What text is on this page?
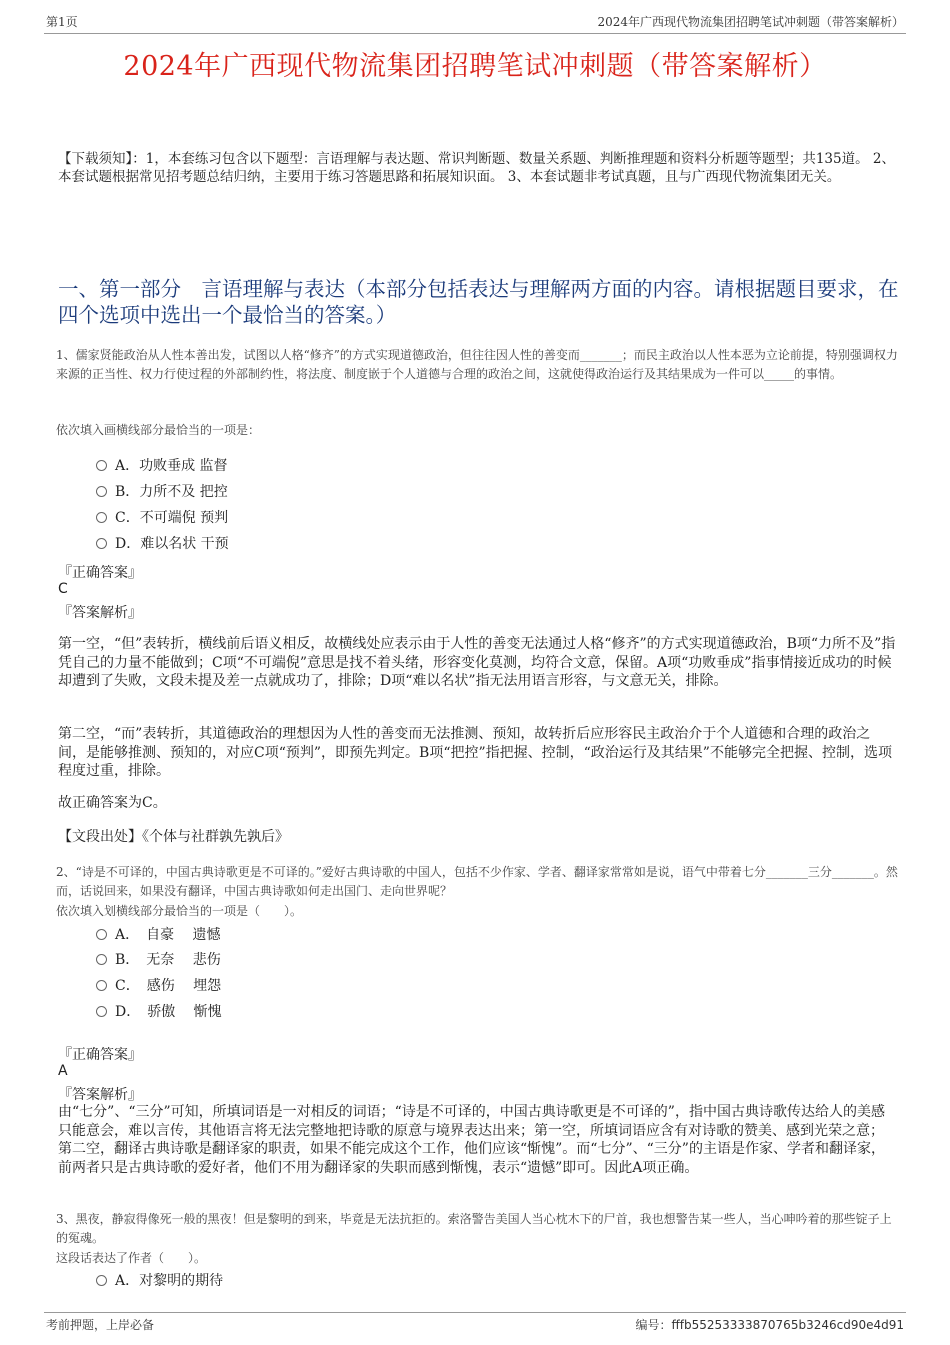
第1页	2024年广西现代物流集团招聘笔试冲刺题（带答案解析）
2024年广西现代物流集团招聘笔试冲刺题（带答案解析）
【下载须知】：1，本套练习包含以下题型：言语理解与表达题、常识判断题、数量关系题、判断推理题和资料分析题等题型；共135道。 2、本套试题根据常见招考题总结归纳，主要用于练习答题思路和拓展知识面。 3、本套试题非考试真题，且与广西现代物流集团无关。
一、第一部分　言语理解与表达（本部分包括表达与理解两方面的内容。请根据题目要求，在四个选项中选出一个最恰当的答案。）
1、儒家贤能政治从人性本善出发，试图以人格“修齐”的方式实现道德政治，但往往因人性的善变而_______；而民主政治以人性本恶为立论前提，特别强调权力来源的正当性、权力行使过程的外部制约性，将法度、制度嵌于个人道德与合理的政治之间，这就使得政治运行及其结果成为一件可以_____的事情。
依次填入画横线部分最恰当的一项是：
A．功败垂成 监督
B．力所不及 把控
C．不可端倪 预判
D．难以名状 干预
『正确答案』
C
『答案解析』
第一空，“但”表转折，横线前后语义相反，故横线处应表示由于人性的善变无法通过人格“修齐”的方式实现道德政治，B项“力所不及”指凭自己的力量不能做到；C项“不可端倪”意思是找不着头绪，形容变化莫测，均符合文意，保留。A项“功败垂成”指事情接近成功的时候却遭到了失败，文段未提及差一点就成功了，排除；D项“难以名状”指无法用语言形容，与文意无关，排除。
第二空，“而”表转折，其道德政治的理想因为人性的善变而无法推测、预知，故转折后应形容民主政治介于个人道德和合理的政治之间，是能够推测、预知的，对应C项“预判”，即预先判定。B项“把控”指把握、控制，“政治运行及其结果”不能够完全把握、控制，选项程度过重，排除。
故正确答案为C。
【文段出处】《个体与社群孰先孰后》
2、“诗是不可译的，中国古典诗歌更是不可译的。”爱好古典诗歌的中国人，包括不少作家、学者、翻译家常常如是说，语气中带着七分_______三分_______。然而，话说回来，如果没有翻译，中国古典诗歌如何走出国门、走向世界呢？
依次填入划横线部分最恰当的一项是（　　）。
A．　自豪　 遗憾
B．　无奈　 悲伤
C．　感伤　 埋怨
D．　骄傲　 惭愧
『正确答案』
A
『答案解析』
由“七分”、“三分”可知，所填词语是一对相反的词语；“诗是不可译的，中国古典诗歌更是不可译的”，指中国古典诗歌传达给人的美感只能意会，难以言传，其他语言将无法完整地把诗歌的原意与境界表达出来；第一空，所填词语应含有对诗歌的赞美、感到光荣之意；第二空，翻译古典诗歌是翻译家的职责，如果不能完成这个工作，他们应该“惭愧”。而“七分”、“三分”的主语是作家、学者和翻译家，前两者只是古典诗歌的爱好者，他们不用为翻译家的失职而感到惭愧，表示“遗憾”即可。因此A项正确。
3、黑夜，静寂得像死一般的黑夜！但是黎明的到来，毕竟是无法抗拒的。索洛警告美国人当心枕木下的尸首，我也想警告某一些人，当心呻吟着的那些锭子上的冤魂。
这段话表达了作者（　　）。
A．对黎明的期待
考前押题，上岸必备	编号：fffb55253333870765b3246cd90e4d91
